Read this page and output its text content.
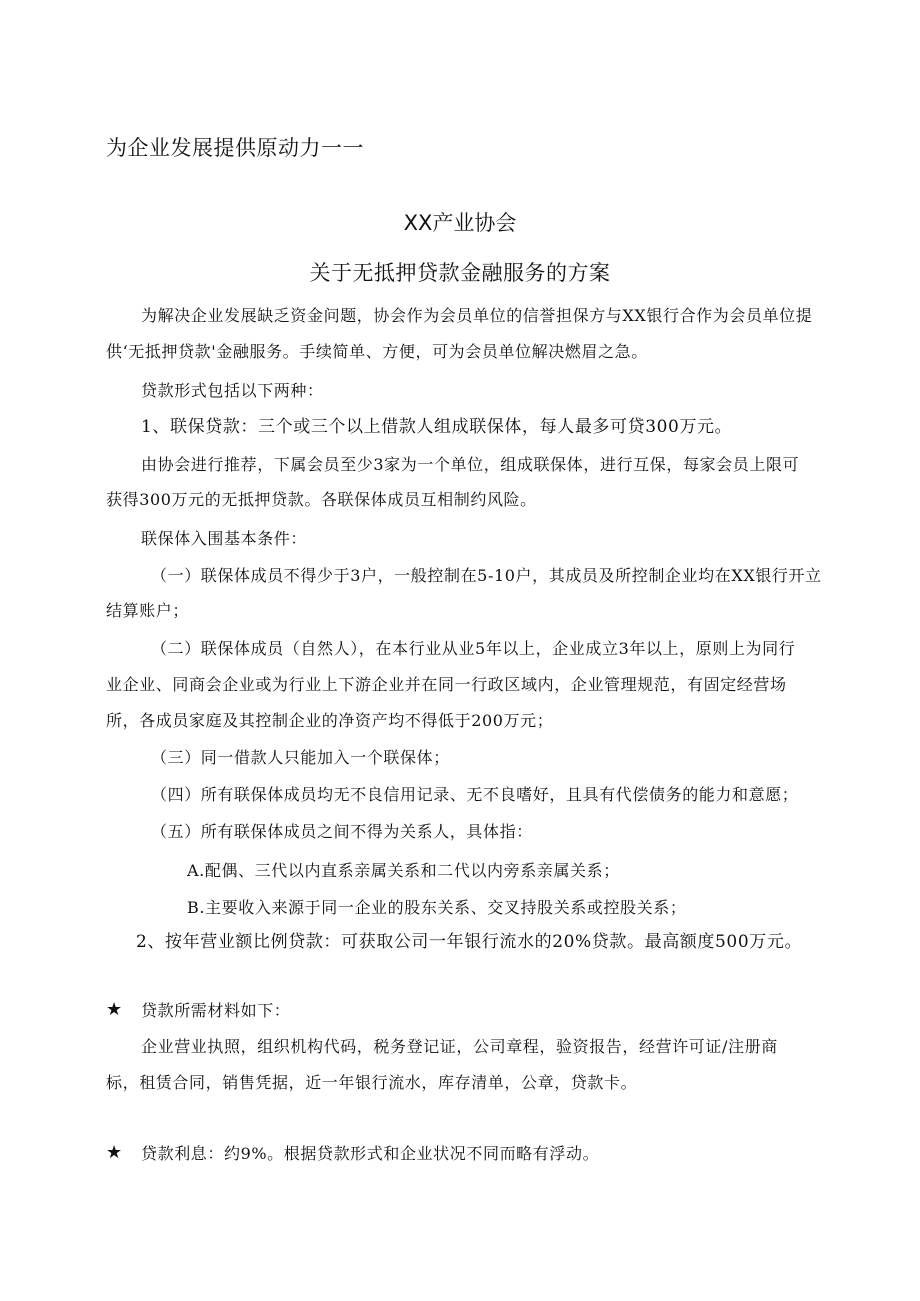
为企业发展提供原动力一一
XX产业协会
关于无抵押贷款金融服务的方案
为解决企业发展缺乏资金问题，协会作为会员单位的信誉担保方与XX银行合作为会员单位提
供‘无抵押贷款'金融服务。手续简单、方便，可为会员单位解决燃眉之急。
贷款形式包括以下两种：
1、联保贷款：三个或三个以上借款人组成联保体，每人最多可贷300万元。
由协会进行推荐，下属会员至少3家为一个单位，组成联保体，进行互保，每家会员上限可
获得300万元的无抵押贷款。各联保体成员互相制约风险。
联保体入围基本条件：
（一）联保体成员不得少于3户，一般控制在5-10户，其成员及所控制企业均在XX银行开立
结算账户；
（二）联保体成员（自然人），在本行业从业5年以上，企业成立3年以上，原则上为同行
业企业、同商会企业或为行业上下游企业并在同一行政区域内，企业管理规范，有固定经营场
所，各成员家庭及其控制企业的净资产均不得低于200万元；
（三）同一借款人只能加入一个联保体；
（四）所有联保体成员均无不良信用记录、无不良嗜好，且具有代偿债务的能力和意愿；
（五）所有联保体成员之间不得为关系人，具体指：
A.配偶、三代以内直系亲属关系和二代以内旁系亲属关系；
B.主要收入来源于同一企业的股东关系、交叉持股关系或控股关系；
2、按年营业额比例贷款：可获取公司一年银行流水的20%贷款。最高额度500万元。
★ 贷款所需材料如下：
企业营业执照，组织机构代码，税务登记证，公司章程，验资报告，经营许可证/注册商
标，租赁合同，销售凭据，近一年银行流水，库存清单，公章，贷款卡。
★ 贷款利息：约9%。根据贷款形式和企业状况不同而略有浮动。
